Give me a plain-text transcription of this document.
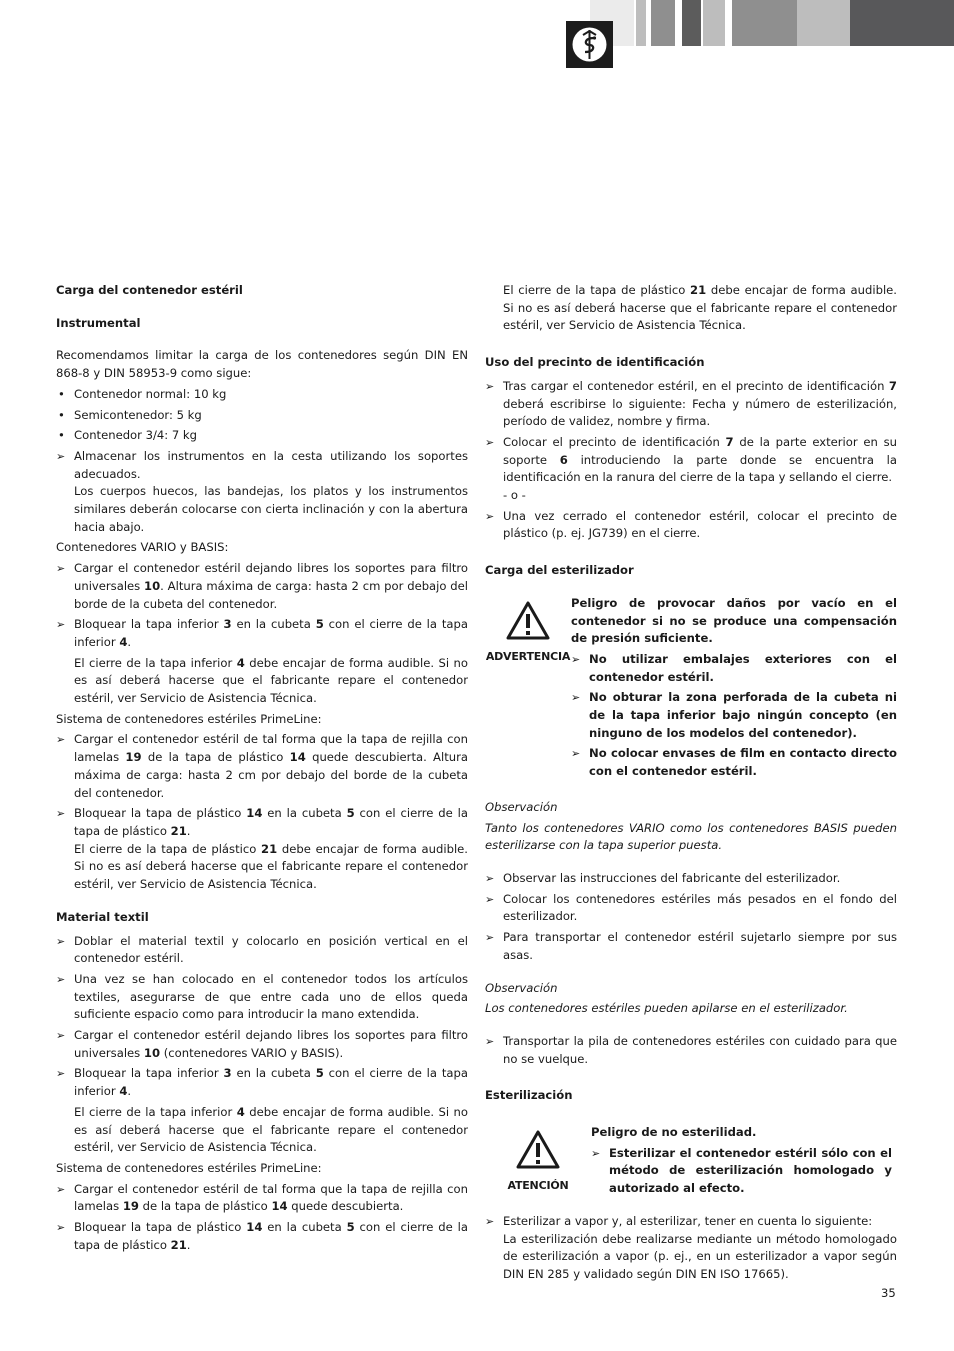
Carga del contenedor estéril
Instrumental

Recomendamos limitar la carga de los contenedores según DIN EN 868-8 y DIN 58953-9 como sigue:

• Contenedor normal: 10 kg
• Semicontenedor: 5 kg
• Contenedor 3/4: 7 kg
➢ Almacenar los instrumentos en la cesta utilizando los soportes adecuados.

Los cuerpos huecos, las bandejas, los platos y los instrumentos similares deberán colocarse con cierta inclinación y con la abertura hacia abajo.

Contenedores VARIO y BASIS:

➢ Cargar el contenedor estéril dejando libres los soportes para filtro universales 10. Altura máxima de carga: hasta 2 cm por debajo del borde de la cubeta del contenedor.
➢ Bloquear la tapa inferior 3 en la cubeta 5 con el cierre de la tapa inferior 4.

El cierre de la tapa inferior 4 debe encajar de forma audible. Si no es así deberá hacerse que el fabricante repare el contenedor estéril, ver Servicio de Asistencia Técnica.

Sistema de contenedores estériles PrimeLine:

➢ Cargar el contenedor estéril de tal forma que la tapa de rejilla con lamelas 19 de la tapa de plástico 14 quede descubierta. Altura máxima de carga: hasta 2 cm por debajo del borde de la cubeta del contenedor.
➢ Bloquear la tapa de plástico 14 en la cubeta 5 con el cierre de la tapa de plástico 21.

El cierre de la tapa de plástico 21 debe encajar de forma audible. Si no es así deberá hacerse que el fabricante repare el contenedor estéril, ver Servicio de Asistencia Técnica.

Material textil
➢ Doblar el material textil y colocarlo en posición vertical en el contenedor estéril.
➢ Una vez se han colocado en el contenedor todos los artículos textiles, asegurarse de que entre cada uno de ellos queda suficiente espacio como para introducir la mano extendida.
➢ Cargar el contenedor estéril dejando libres los soportes para filtro universales 10 (contenedores VARIO y BASIS).
➢ Bloquear la tapa inferior 3 en la cubeta 5 con el cierre de la tapa inferior 4.

El cierre de la tapa inferior 4 debe encajar de forma audible. Si no es así deberá hacerse que el fabricante repare el contenedor estéril, ver Servicio de Asistencia Técnica.

Sistema de contenedores estériles PrimeLine:

➢ Cargar el contenedor estéril de tal forma que la tapa de rejilla con lamelas 19 de la tapa de plástico 14 quede descubierta.
➢ Bloquear la tapa de plástico 14 en la cubeta 5 con el cierre de la tapa de plástico 21.

El cierre de la tapa de plástico 21 debe encajar de forma audible. Si no es así deberá hacerse que el fabricante repare el contenedor estéril, ver Servicio de Asistencia Técnica.

Uso del precinto de identificación
➢ Tras cargar el contenedor estéril, en el precinto de identificación 7 deberá escribirse lo siguiente: Fecha y número de esterilización, período de validez, nombre y firma.
➢ Colocar el precinto de identificación 7 de la parte exterior en su soporte 6 introduciendo la parte donde se encuentra la identificación en la ranura del cierre de la tapa y sellando el cierre.

- o -

➢ Una vez cerrado el contenedor estéril, colocar el precinto de plástico (p. ej. JG739) en el cierre.
Carga del esterilizador
ADVERTENCIA

Peligro de provocar daños por vacío en el contenedor si no se produce una compensación de presión suficiente.

➢ No utilizar embalajes exteriores con el contenedor estéril.
➢ No obturar la zona perforada de la cubeta ni de la tapa inferior bajo ningún concepto (en ninguno de los modelos del contenedor).
➢ No colocar envases de film en contacto directo con el contenedor estéril.

Observación

Tanto los contenedores VARIO como los contenedores BASIS pueden esterilizarse con la tapa superior puesta.

➢ Observar las instrucciones del fabricante del esterilizador.
➢ Colocar los contenedores estériles más pesados en el fondo del esterilizador.
➢ Para transportar el contenedor estéril sujetarlo siempre por sus asas.

Observación

Los contenedores estériles pueden apilarse en el esterilizador.

➢ Transportar la pila de contenedores estériles con cuidado para que no se vuelque.
Esterilización
ATENCIÓN

Peligro de no esterilidad.

➢ Esterilizar el contenedor estéril sólo con el método de esterilización homologado y autorizado al efecto.
➢ Esterilizar a vapor y, al esterilizar, tener en cuenta lo siguiente:

La esterilización debe realizarse mediante un método homologado de esterilización a vapor (p. ej., en un esterilizador a vapor según DIN EN 285 y validado según DIN EN ISO 17665).

35
